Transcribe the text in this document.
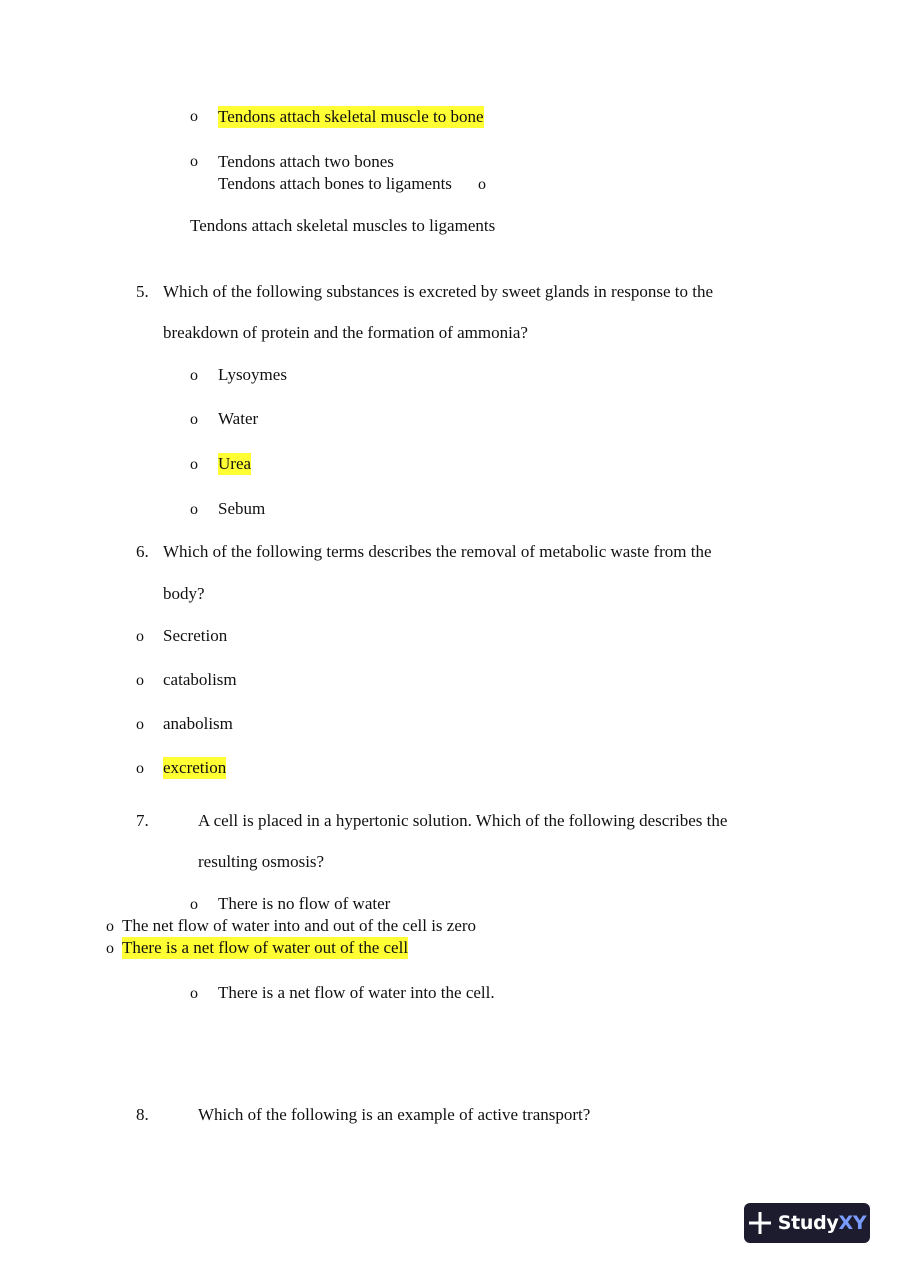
o Tendons attach skeletal muscle to bone
o Tendons attach two bones
Tendons attach bones to ligaments o
Tendons attach skeletal muscles to ligaments
5. Which of the following substances is excreted by sweet glands in response to the
breakdown of protein and the formation of ammonia?
o Lysoymes
o Water
o Urea
o Sebum
6. Which of the following terms describes the removal of metabolic waste from the
body?
o Secretion
o catabolism
o anabolism
o excretion
7.	A cell is placed in a hypertonic solution. Which of the following describes the
resulting osmosis?
o There is no flow of water
o The net flow of water into and out of the cell is zero
o There is a net flow of water out of the cell
o There is a net flow of water into the cell.
8.	Which of the following is an example of active transport?
StudyXY
